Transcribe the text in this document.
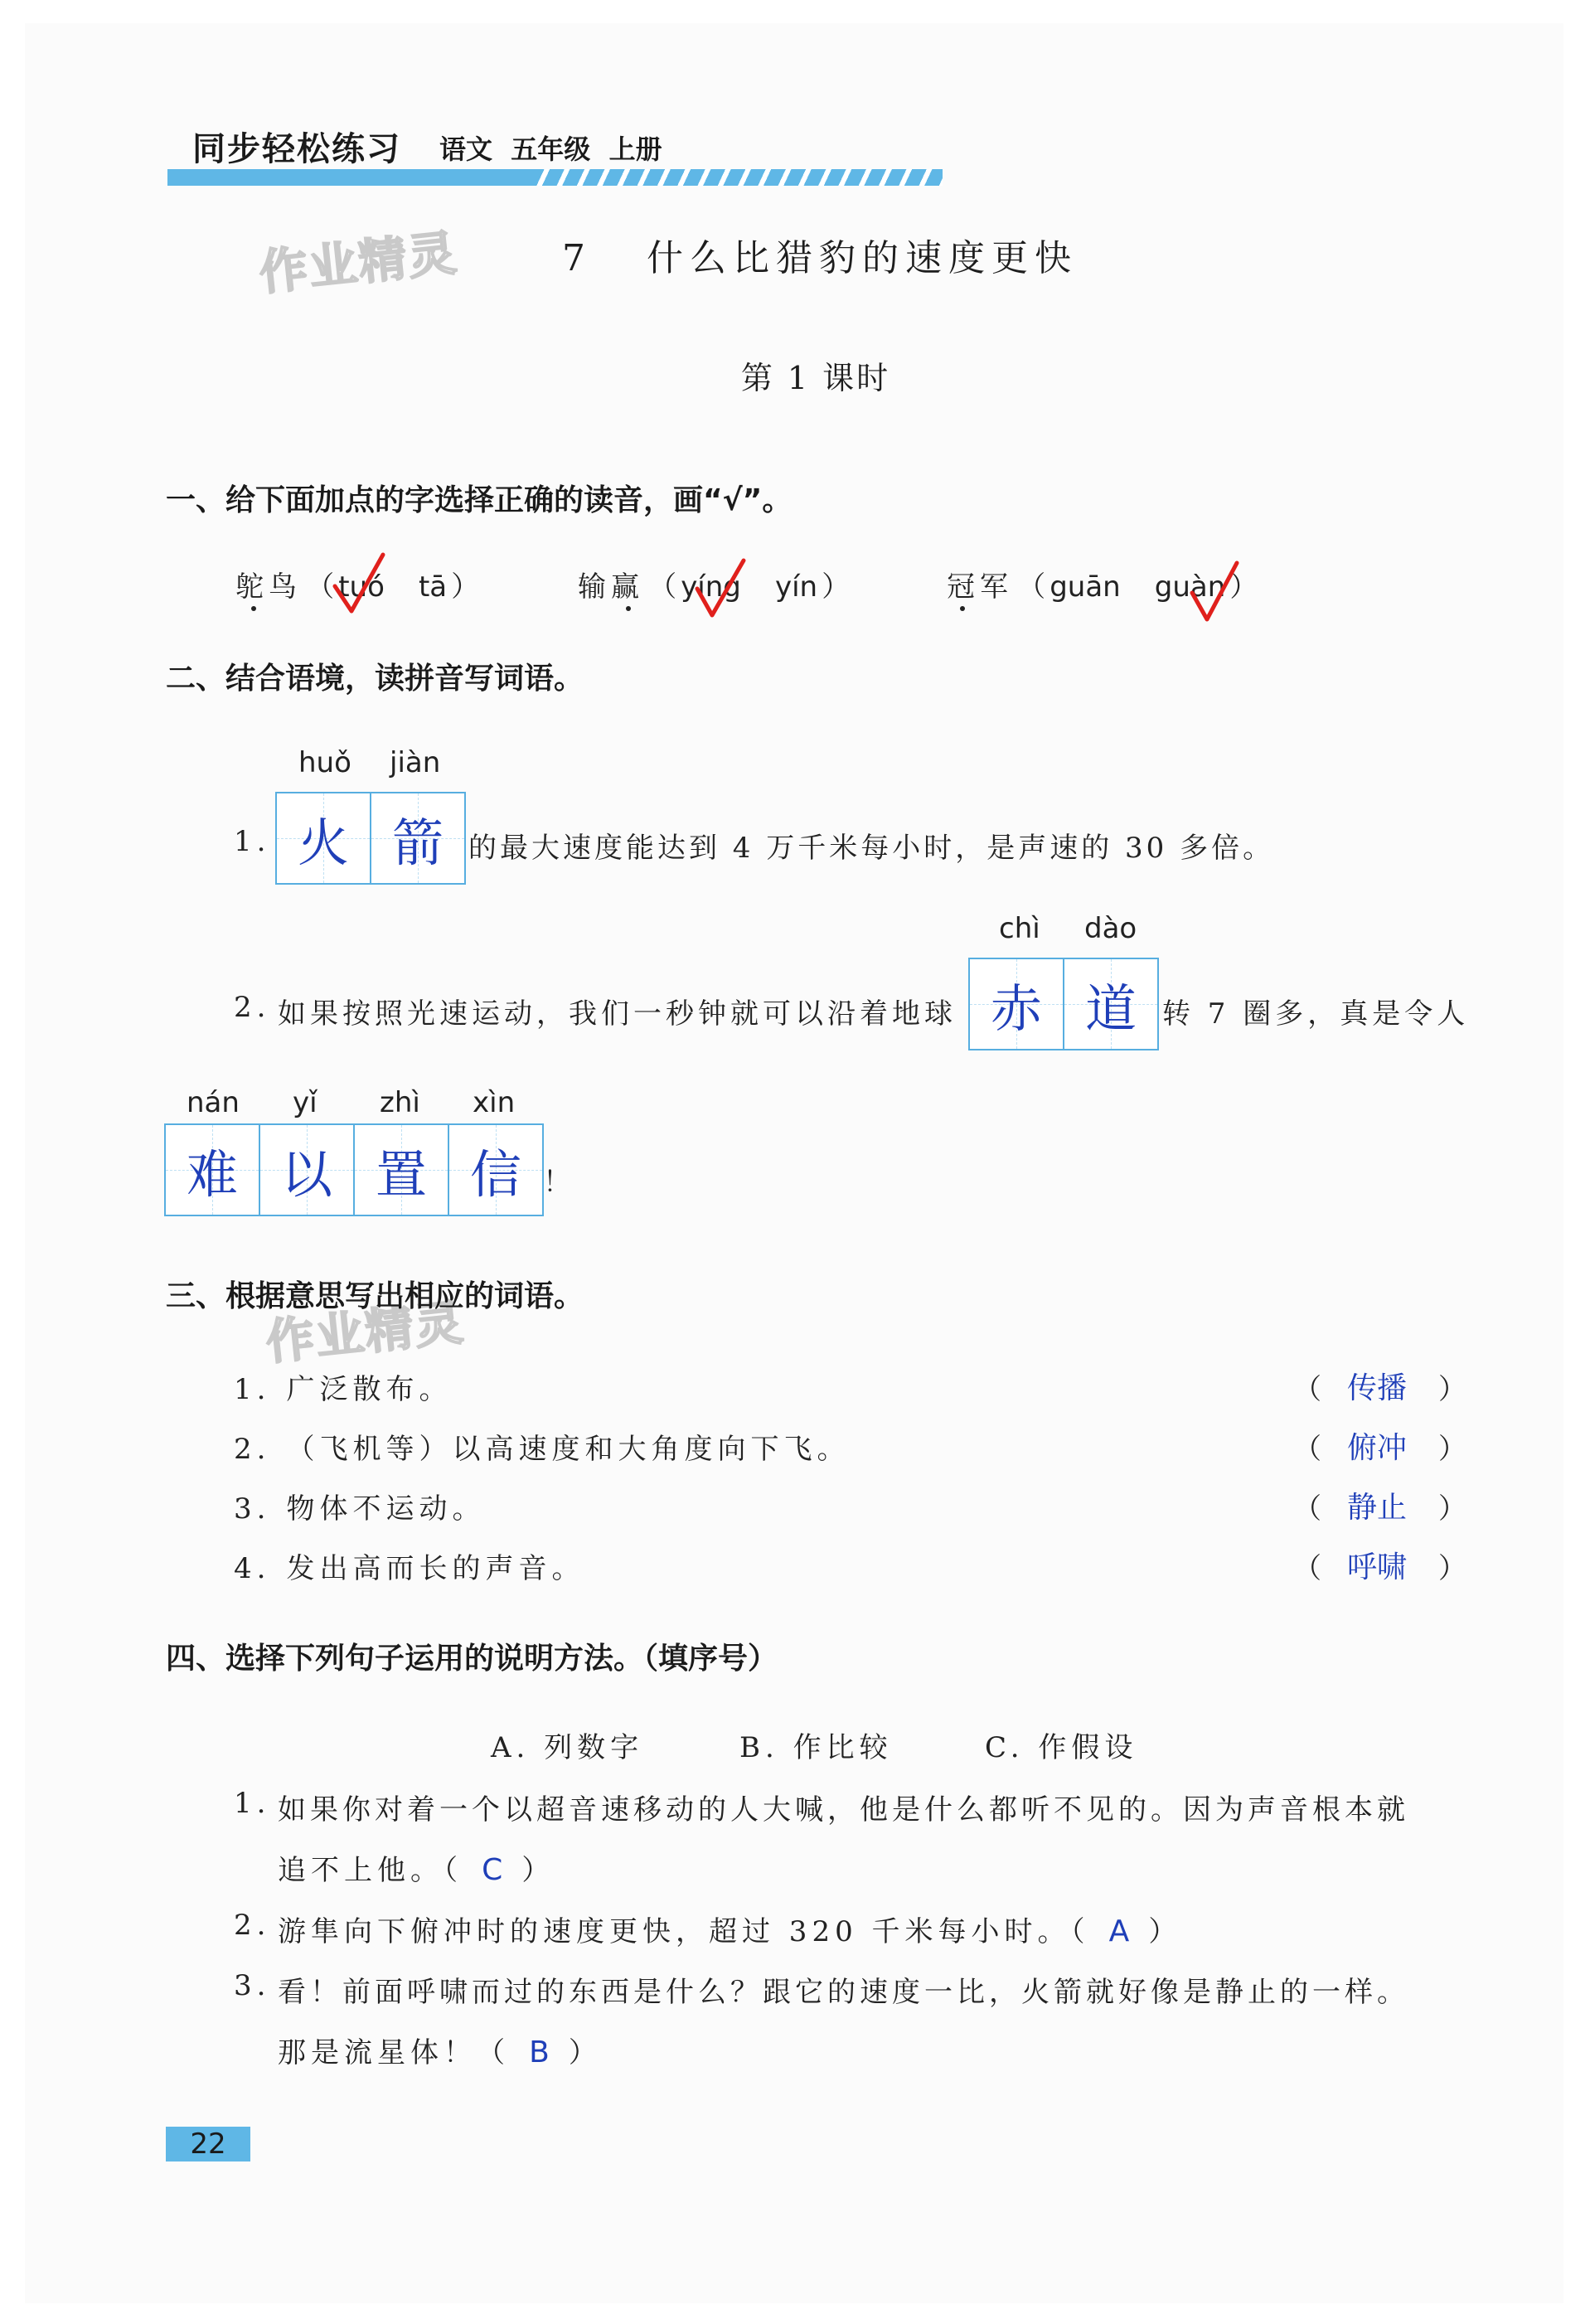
同步轻松练习 语文  五年级  上册
作业精灵
作业精灵
7   什么比猎豹的速度更快
第 1 课时
一、给下面加点的字选择正确的读音，画“√”。
鸵鸟 （ tuó tā ）	输赢 （ yíng yín ）	冠军 （ guān guàn ）
二、结合语境，读拼音写词语。
huǒ jiàn
1. 火 箭 的最大速度能达到 4 万千米每小时，是声速的 30 多倍。
2. 如果按照光速运动，我们一秒钟就可以沿着地球
chì dào
赤 道 转 7 圈多，真是令人
nán yǐ zhì xìn
难 以 置 信 ！
三、根据意思写出相应的词语。
1. 广泛散布。	（ 传播 ）
2. （飞机等）以高速度和大角度向下飞。	（ 俯冲 ）
3. 物体不运动。	（ 静止 ）
4. 发出高而长的声音。	（ 呼啸 ）
四、选择下列句子运用的说明方法。（填序号）
A. 列数字	B. 作比较	C. 作假设
1. 如果你对着一个以超音速移动的人大喊，他是什么都听不见的。因为声音根本就
追不上他。（ C ）
2. 游隼向下俯冲时的速度更快，超过 320 千米每小时。（ A ）
3. 看！前面呼啸而过的东西是什么？跟它的速度一比，火箭就好像是静止的一样。
那是流星体！（ B ）
22
